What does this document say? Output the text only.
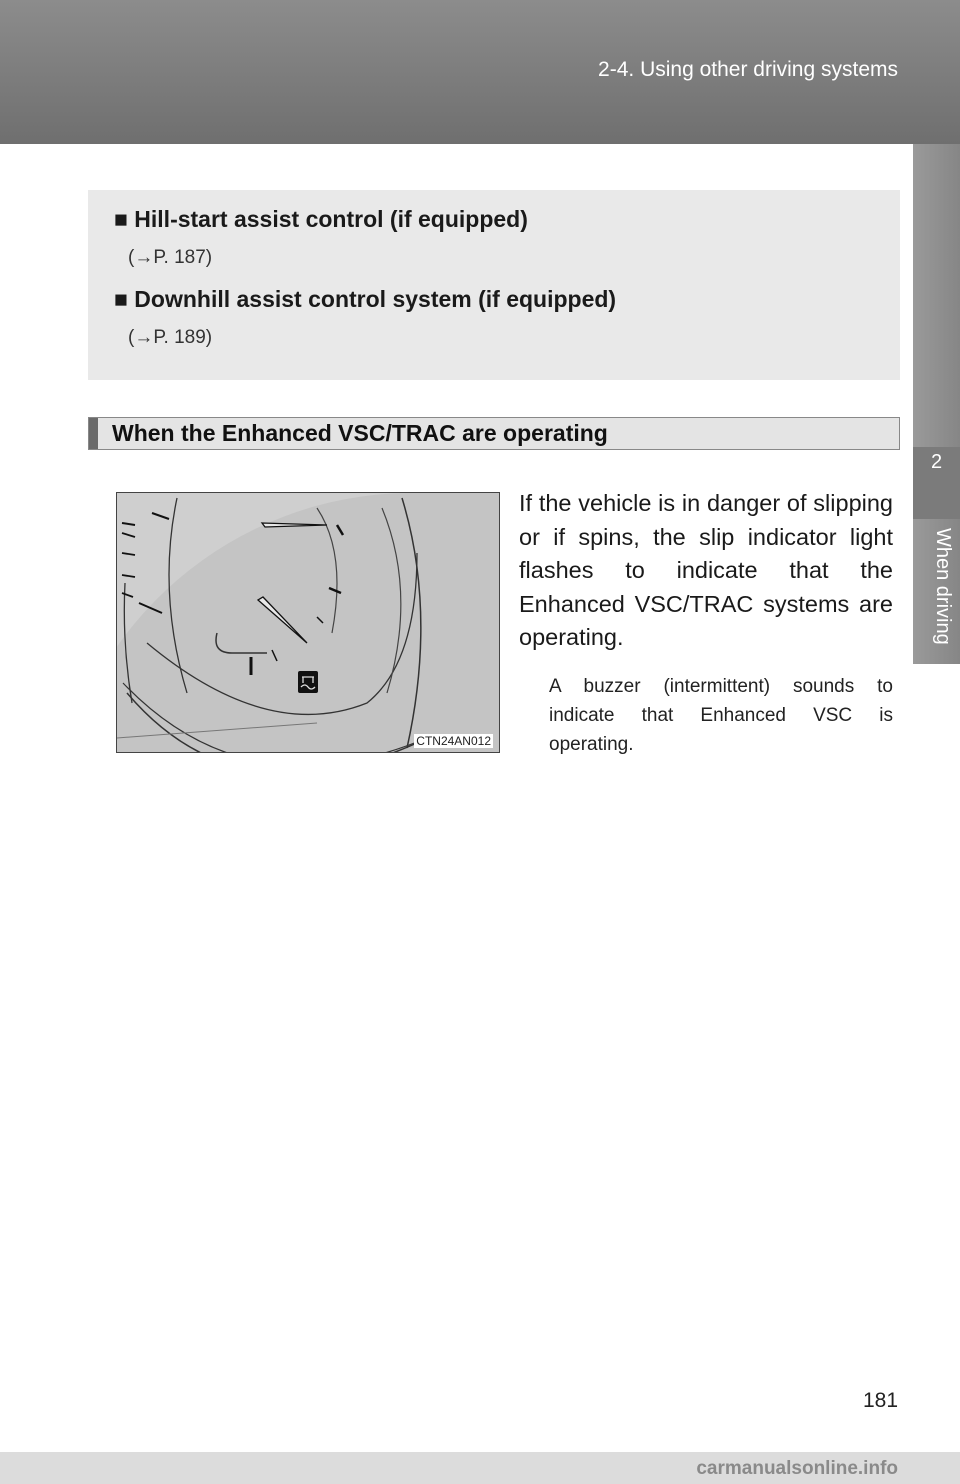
2-4. Using other driving systems
2
When driving
■ Hill-start assist control (if equipped)
(→P. 187)
■ Downhill assist control system (if equipped)
(→P. 189)
When the Enhanced VSC/TRAC are operating
CTN24AN012
If the vehicle is in danger of slipping or if spins, the slip indicator light flashes to indicate that the Enhanced VSC/TRAC systems are operating.
A buzzer (intermittent) sounds to indicate that Enhanced VSC is operating.
181
carmanualsonline.info
